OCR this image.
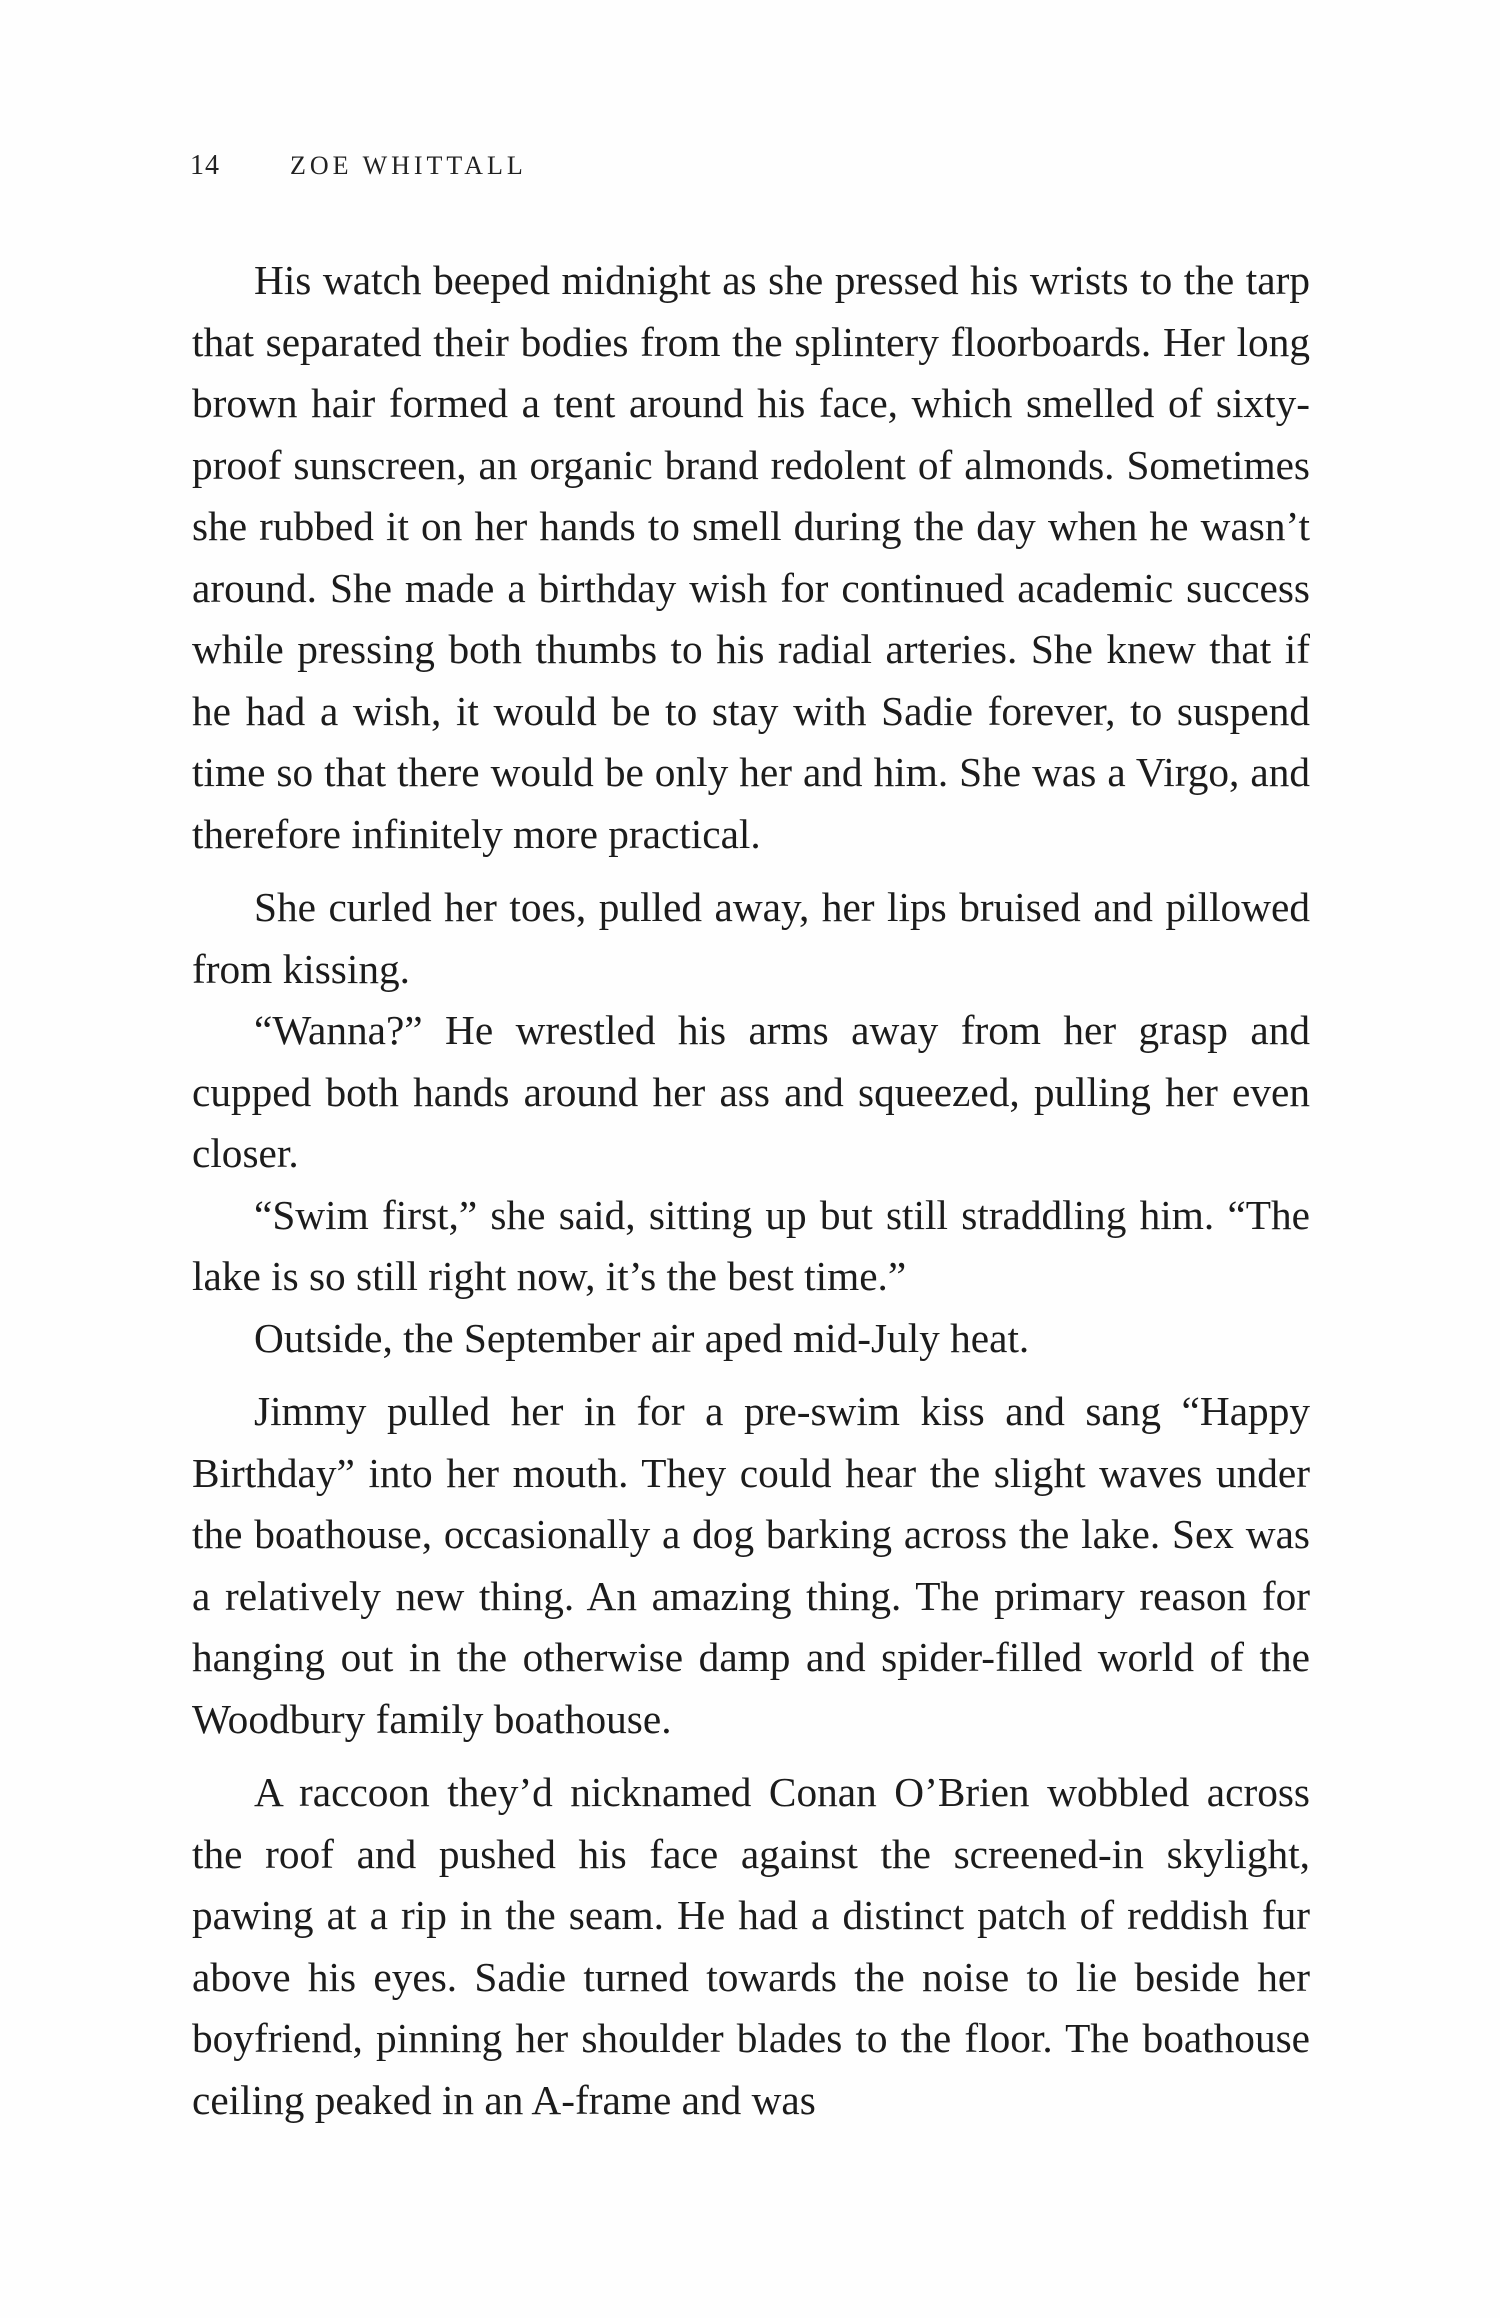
14	ZOE WHITTALL

His watch beeped midnight as she pressed his wrists to the tarp that separated their bodies from the splintery floorboards. Her long brown hair formed a tent around his face, which smelled of sixty-proof sunscreen, an organic brand redolent of almonds. Sometimes she rubbed it on her hands to smell during the day when he wasn’t around. She made a birthday wish for continued academic success while pressing both thumbs to his radial arteries. She knew that if he had a wish, it would be to stay with Sadie forever, to suspend time so that there would be only her and him. She was a Virgo, and therefore infinitely more practical.

She curled her toes, pulled away, her lips bruised and pillowed from kissing.

“Wanna?” He wrestled his arms away from her grasp and cupped both hands around her ass and squeezed, pulling her even closer.

“Swim first,” she said, sitting up but still straddling him. “The lake is so still right now, it’s the best time.”

Outside, the September air aped mid-July heat.

Jimmy pulled her in for a pre-swim kiss and sang “Happy Birthday” into her mouth. They could hear the slight waves under the boathouse, occasionally a dog barking across the lake. Sex was a relatively new thing. An amazing thing. The primary reason for hanging out in the otherwise damp and spider-filled world of the Woodbury family boathouse.

A raccoon they’d nicknamed Conan O’Brien wobbled across the roof and pushed his face against the screened-in skylight, pawing at a rip in the seam. He had a distinct patch of reddish fur above his eyes. Sadie turned towards the noise to lie beside her boyfriend, pinning her shoulder blades to the floor. The boathouse ceiling peaked in an A-frame and was
